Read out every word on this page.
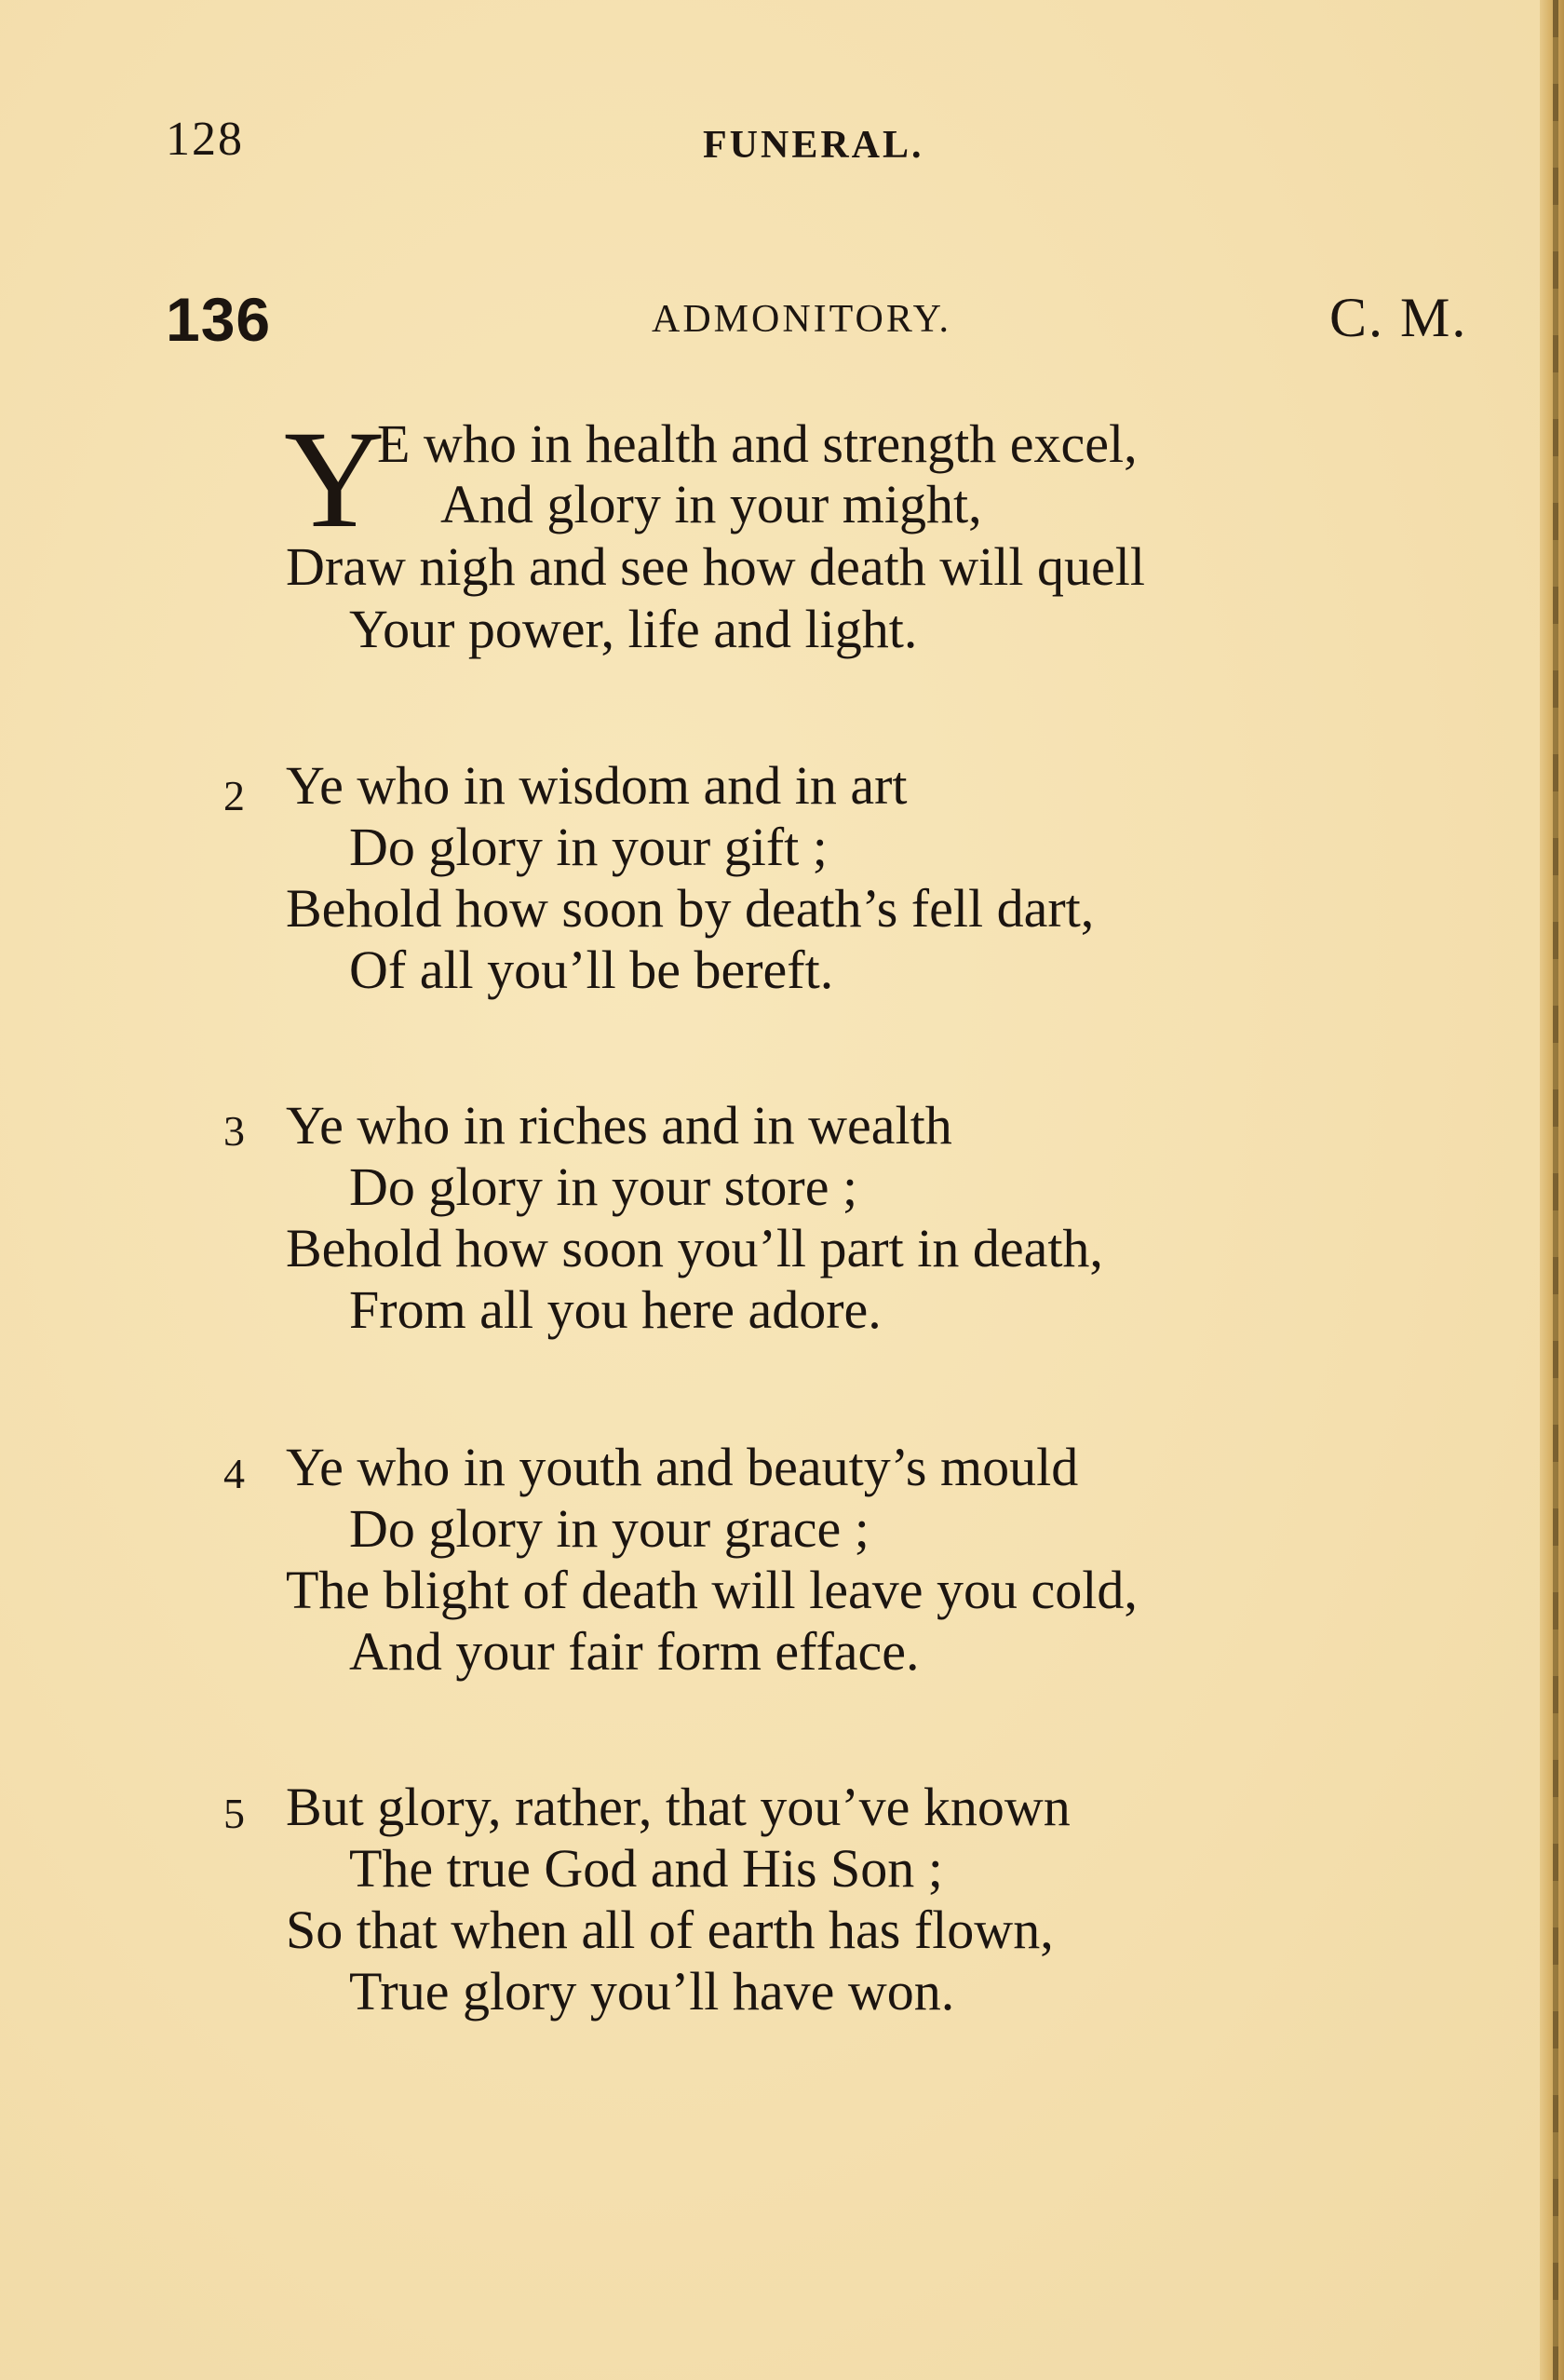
128	FUNERAL.
136	ADMONITORY.	C. M.
Y
E who in health and strength excel,
And glory in your might,
Draw nigh and see how death will quell
Your power, life and light.
2 Ye who in wisdom and in art
Do glory in your gift ;
Behold how soon by death’s fell dart,
Of all you’ll be bereft.
3 Ye who in riches and in wealth
Do glory in your store ;
Behold how soon you’ll part in death,
From all you here adore.
4 Ye who in youth and beauty’s mould
Do glory in your grace ;
The blight of death will leave you cold,
And your fair form efface.
5 But glory, rather, that you’ve known
The true God and His Son ;
So that when all of earth has flown,
True glory you’ll have won.
